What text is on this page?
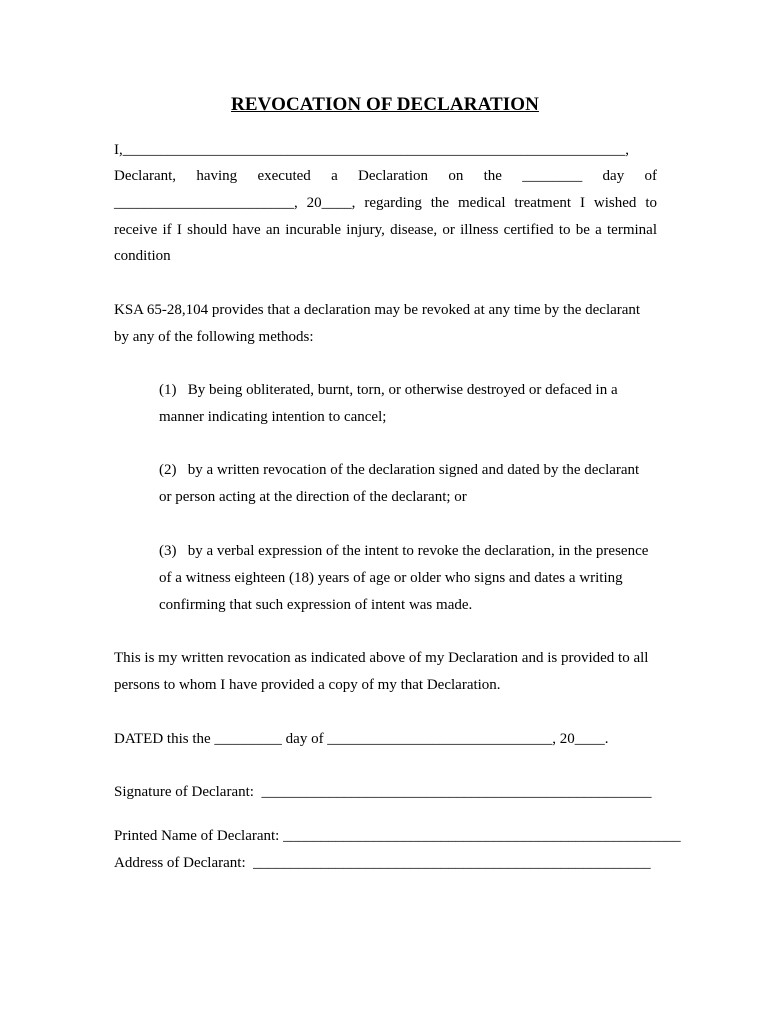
REVOCATION OF DECLARATION
I,___________________________________________________________________,
Declarant, having executed a Declaration on the ________ day of
________________________, 20____, regarding the medical treatment I wished to
receive if I should have an incurable injury, disease, or illness certified to be a terminal
condition
KSA 65-28,104 provides that a declaration may be revoked at any time by the declarant
by any of the following methods:
(1)   By being obliterated, burnt, torn, or otherwise destroyed or defaced in a
manner indicating intention to cancel;
(2)   by a written revocation of the declaration signed and dated by the declarant
or person acting at the direction of the declarant; or
(3)   by a verbal expression of the intent to revoke the declaration, in the presence
of a witness eighteen (18) years of age or older who signs and dates a writing
confirming that such expression of intent was made.
This is my written revocation as indicated above of my Declaration and is provided to all
persons to whom I have provided a copy of my that Declaration.
DATED this the _________ day of ______________________________, 20____.
Signature of Declarant:  ____________________________________________________
Printed Name of Declarant: _____________________________________________________
Address of Declarant:  _____________________________________________________
